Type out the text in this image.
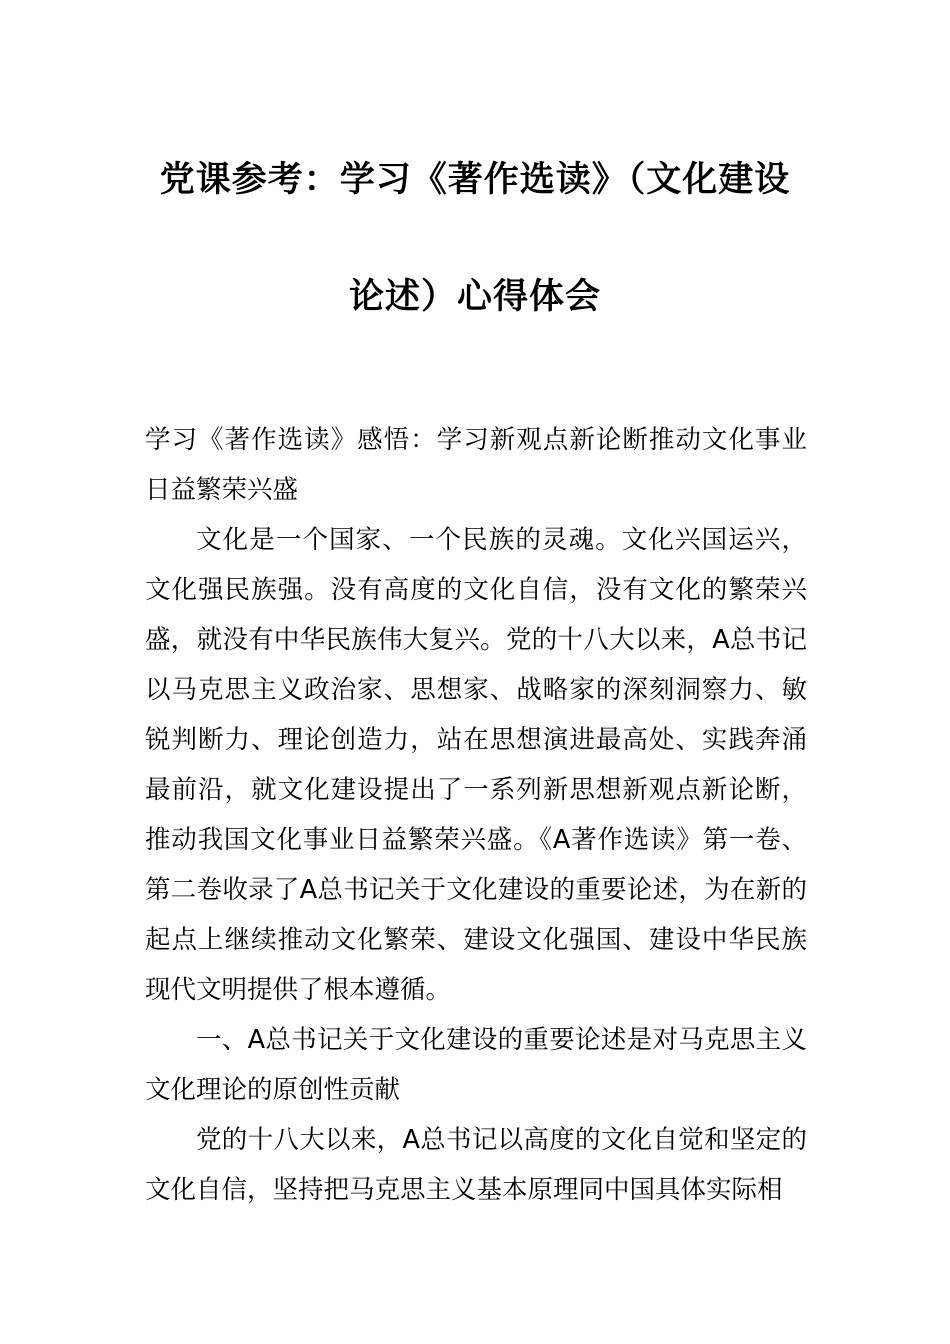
党课参考：学习《著作选读》（文化建设
论述）心得体会

学习《著作选读》感悟：学习新观点新论断推动文化事业日益繁荣兴盛

文化是一个国家、一个民族的灵魂。文化兴国运兴，文化强民族强。没有高度的文化自信，没有文化的繁荣兴盛，就没有中华民族伟大复兴。党的十八大以来，A总书记以马克思主义政治家、思想家、战略家的深刻洞察力、敏锐判断力、理论创造力，站在思想演进最高处、实践奔涌最前沿，就文化建设提出了一系列新思想新观点新论断，推动我国文化事业日益繁荣兴盛。《A著作选读》第一卷、第二卷收录了A总书记关于文化建设的重要论述，为在新的起点上继续推动文化繁荣、建设文化强国、建设中华民族现代文明提供了根本遵循。

一、A总书记关于文化建设的重要论述是对马克思主义文化理论的原创性贡献

党的十八大以来，A总书记以高度的文化自觉和坚定的文化自信，坚持把马克思主义基本原理同中国具体实际相
